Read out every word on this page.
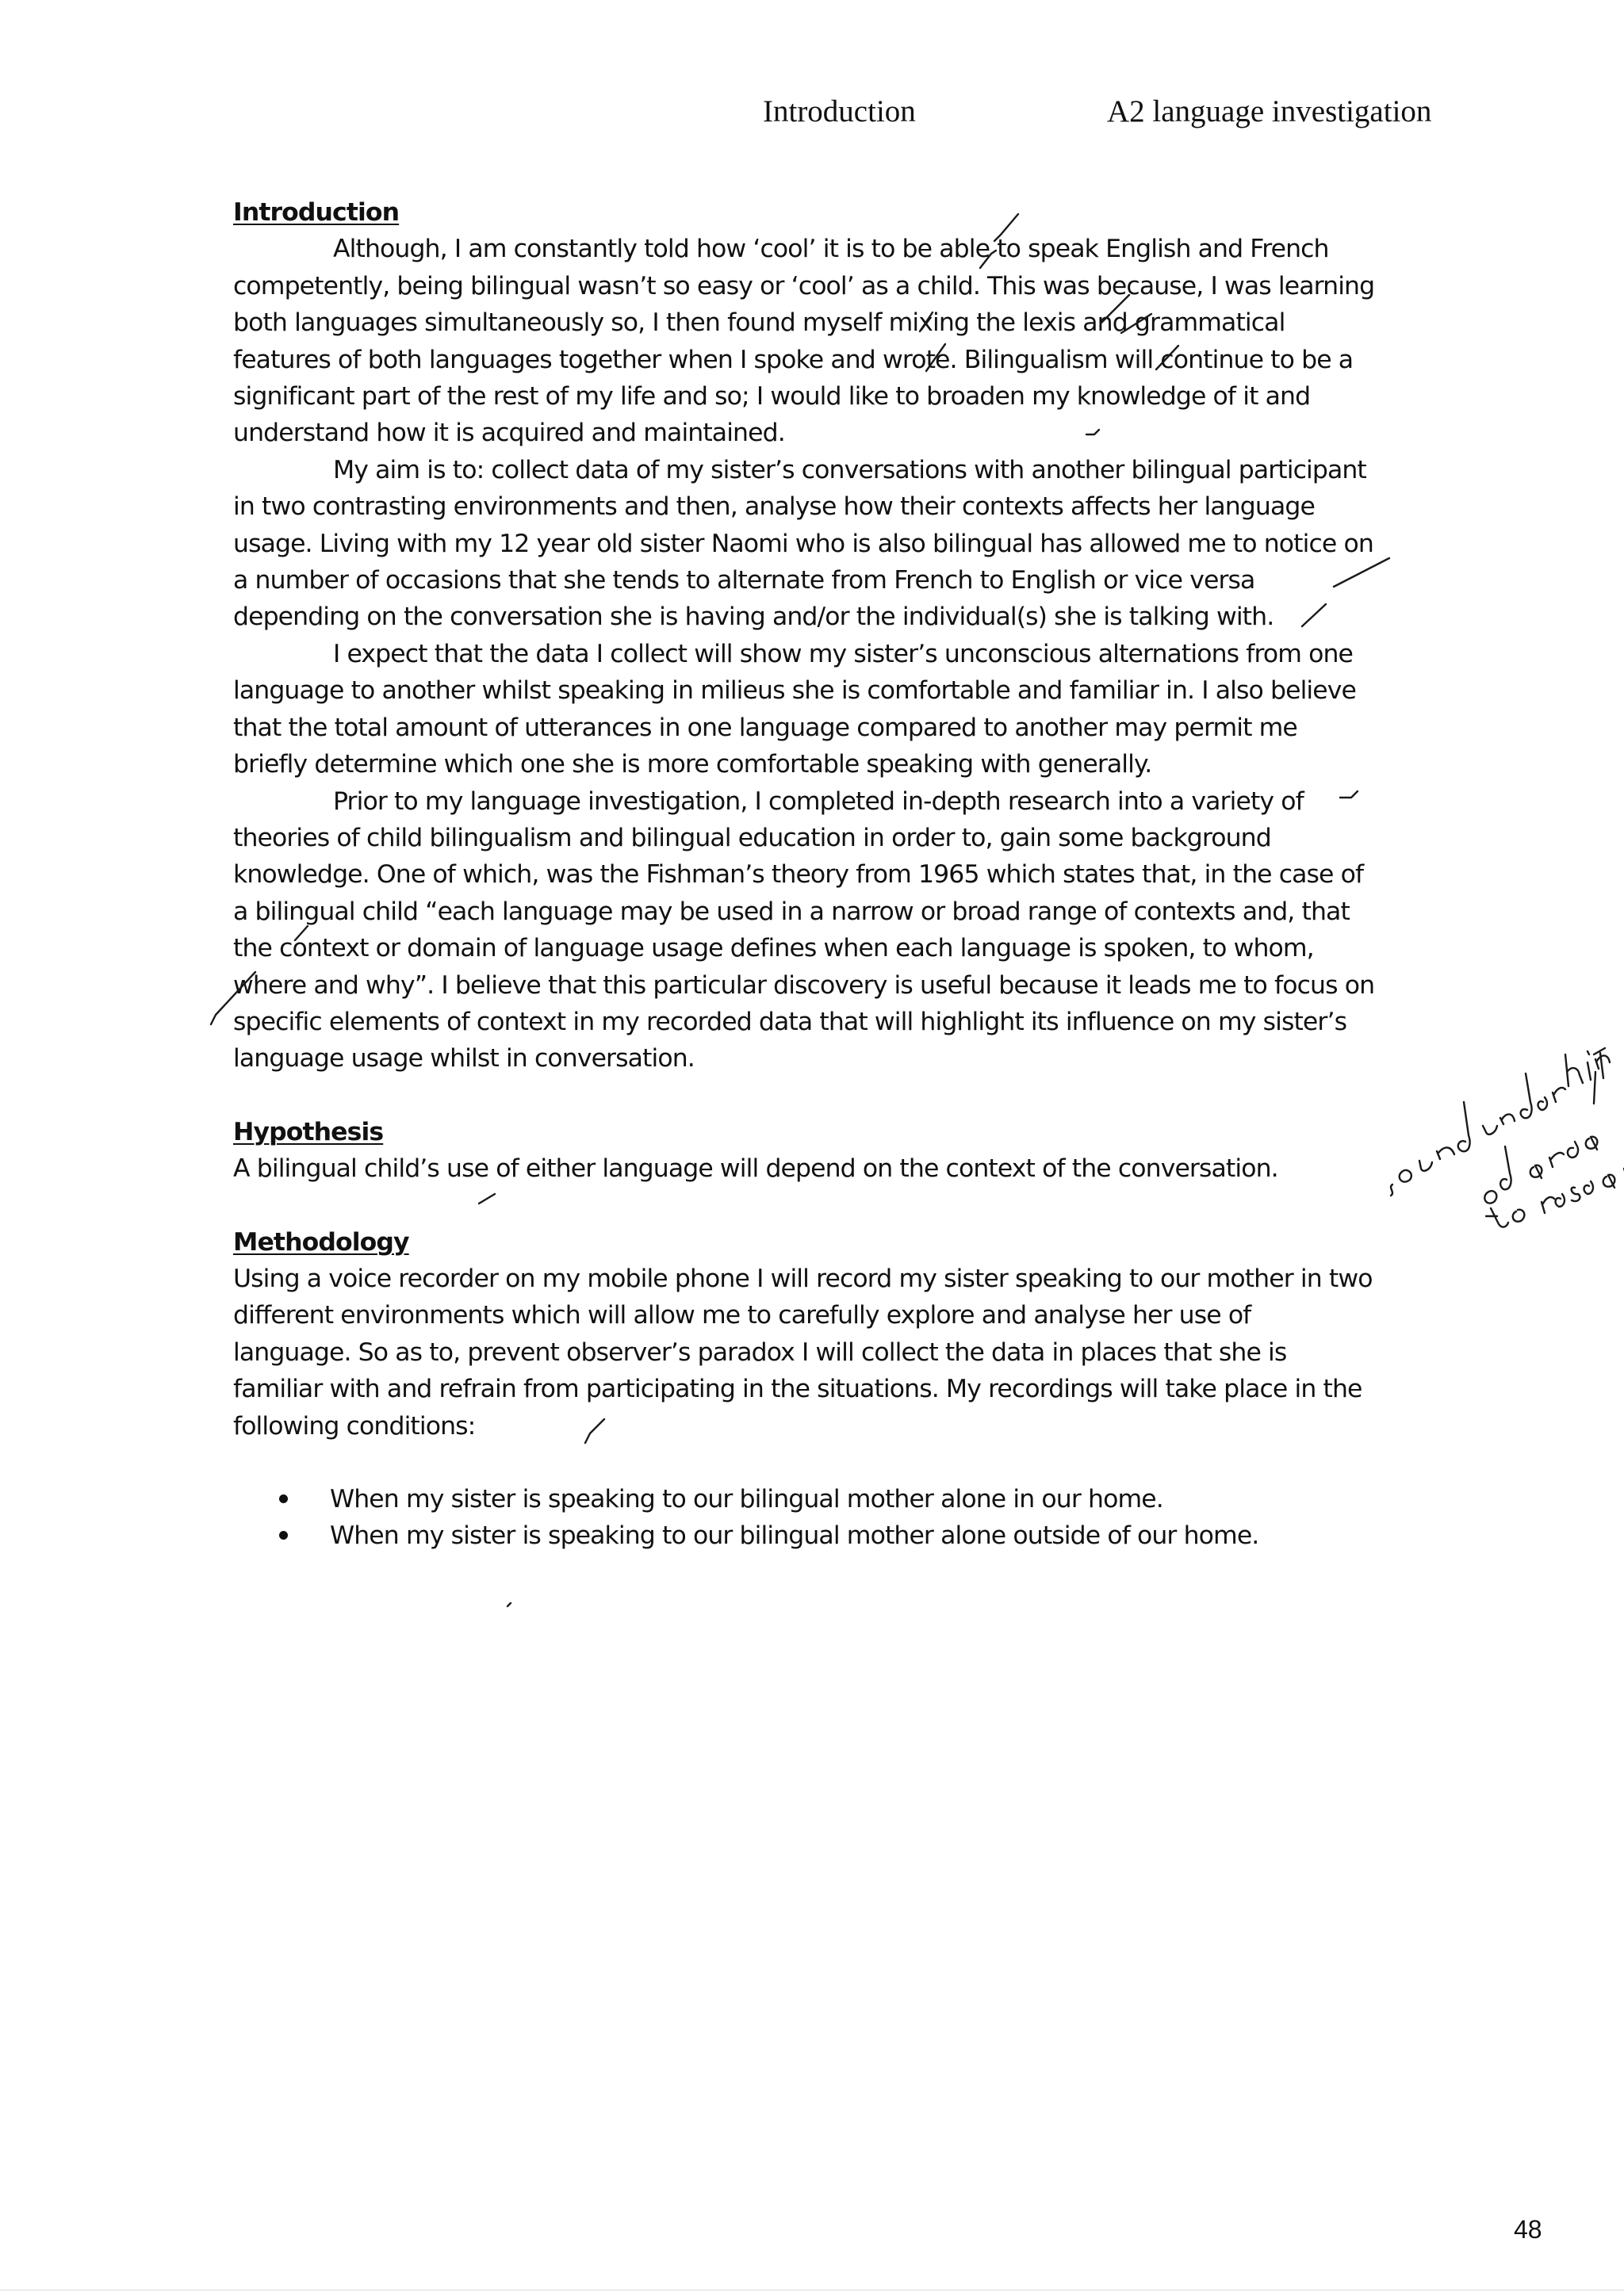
Introduction	A2 language investigation
Introduction

Although, I am constantly told how ‘cool’ it is to be able to speak English and French competently, being bilingual wasn’t so easy or ‘cool’ as a child. This was because, I was learning both languages simultaneously so, I then found myself mixing the lexis and grammatical features of both languages together when I spoke and wrote. Bilingualism will continue to be a significant part of the rest of my life and so; I would like to broaden my knowledge of it and understand how it is acquired and maintained.

My aim is to: collect data of my sister’s conversations with another bilingual participant in two contrasting environments and then, analyse how their contexts affects her language usage. Living with my 12 year old sister Naomi who is also bilingual has allowed me to notice on a number of occasions that she tends to alternate from French to English or vice versa depending on the conversation she is having and/or the individual(s) she is talking with.

I expect that the data I collect will show my sister’s unconscious alternations from one language to another whilst speaking in milieus she is comfortable and familiar in. I also believe that the total amount of utterances in one language compared to another may permit me briefly determine which one she is more comfortable speaking with generally.

Prior to my language investigation, I completed in-depth research into a variety of theories of child bilingualism and bilingual education in order to, gain some background knowledge. One of which, was the Fishman’s theory from 1965 which states that, in the case of a bilingual child “each language may be used in a narrow or broad range of contexts and, that the context or domain of language usage defines when each language is spoken, to whom, where and why”. I believe that this particular discovery is useful because it leads me to focus on specific elements of context in my recorded data that will highlight its influence on my sister’s language usage whilst in conversation.

Hypothesis

A bilingual child’s use of either language will depend on the context of the conversation.

Methodology

Using a voice recorder on my mobile phone I will record my sister speaking to our mother in two different environments which will allow me to carefully explore and analyse her use of language. So as to, prevent observer’s paradox I will collect the data in places that she is familiar with and refrain from participating in the situations. My recordings will take place in the following conditions:

When my sister is speaking to our bilingual mother alone in our home.
When my sister is speaking to our bilingual mother alone outside of our home.
48
